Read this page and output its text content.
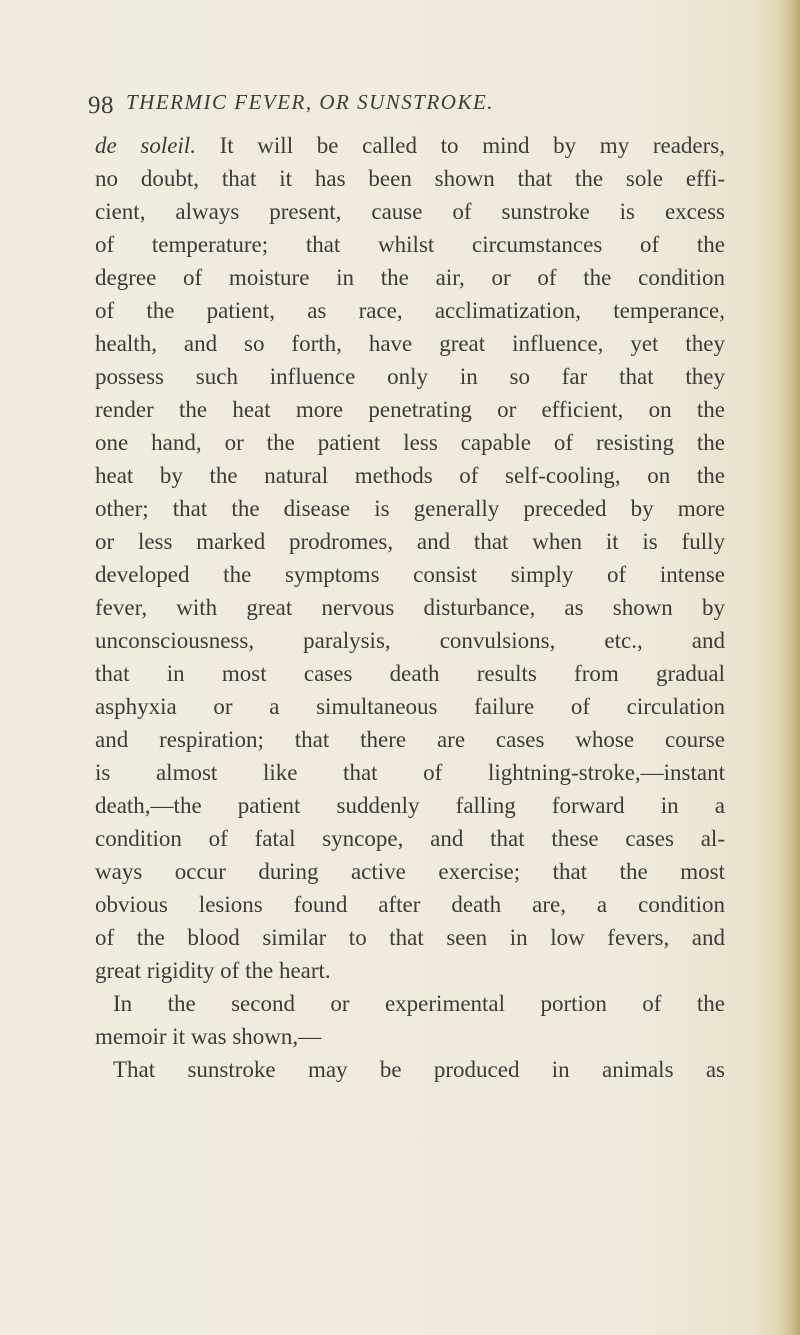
98 THERMIC FEVER, OR SUNSTROKE.
de soleil. It will be called to mind by my readers,
no doubt, that it has been shown that the sole effi-
cient, always present, cause of sunstroke is excess
of temperature; that whilst circumstances of the
degree of moisture in the air, or of the condition
of the patient, as race, acclimatization, temperance,
health, and so forth, have great influence, yet they
possess such influence only in so far that they
render the heat more penetrating or efficient, on the
one hand, or the patient less capable of resisting the
heat by the natural methods of self-cooling, on the
other; that the disease is generally preceded by more
or less marked prodromes, and that when it is fully
developed the symptoms consist simply of intense
fever, with great nervous disturbance, as shown by
unconsciousness, paralysis, convulsions, etc., and
that in most cases death results from gradual
asphyxia or a simultaneous failure of circulation
and respiration; that there are cases whose course
is almost like that of lightning-stroke,—instant
death,—the patient suddenly falling forward in a
condition of fatal syncope, and that these cases al-
ways occur during active exercise; that the most
obvious lesions found after death are, a condition
of the blood similar to that seen in low fevers, and
great rigidity of the heart.
In the second or experimental portion of the
memoir it was shown,—
That sunstroke may be produced in animals as
